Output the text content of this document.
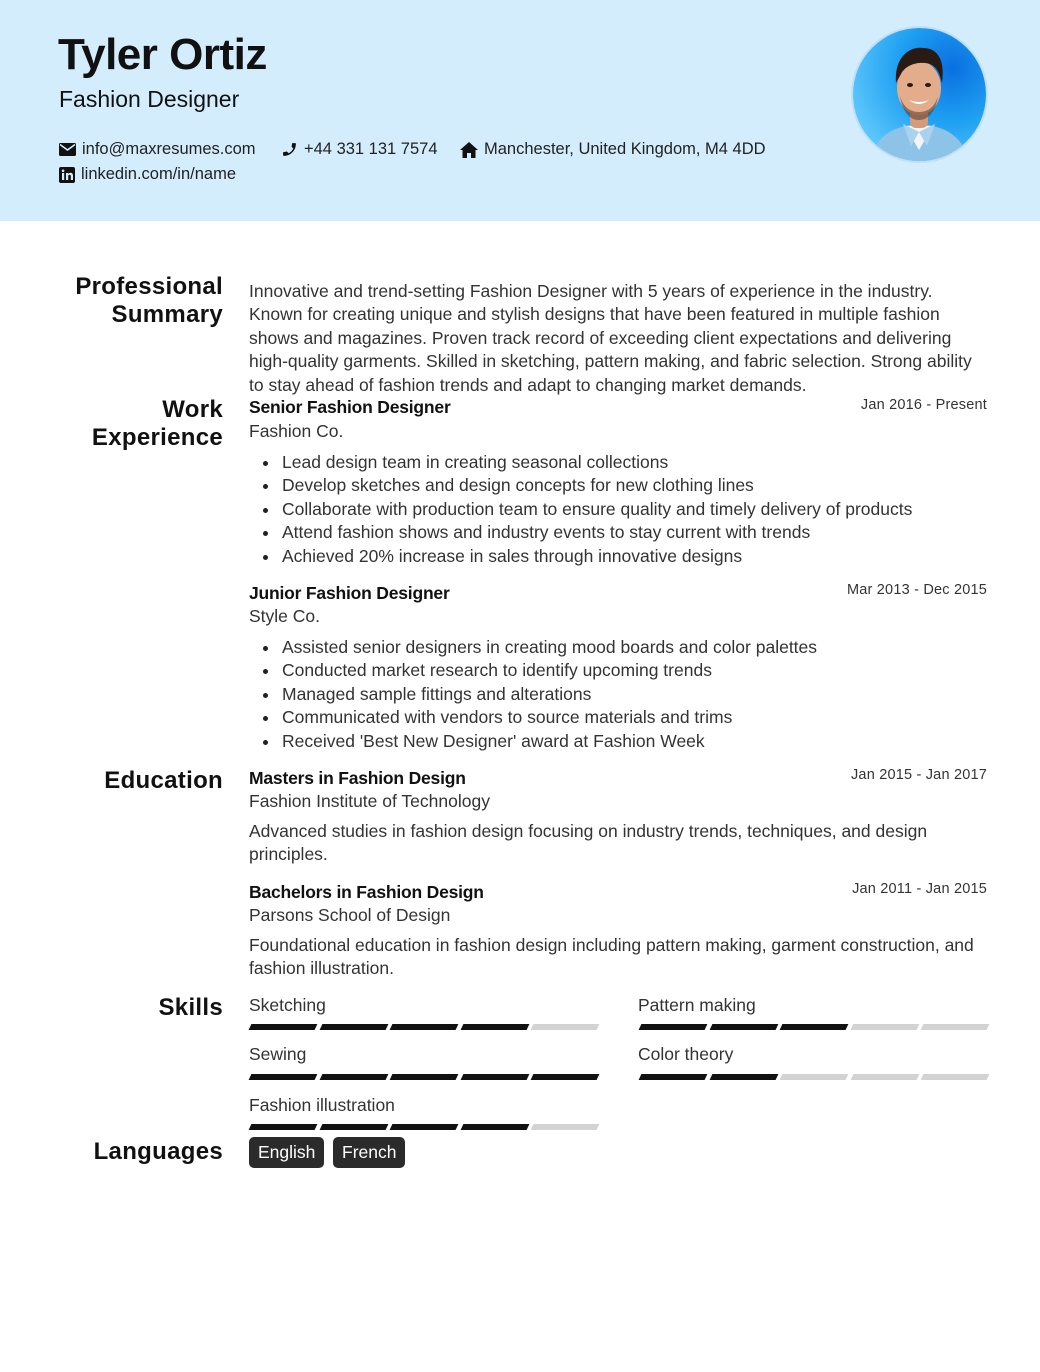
Tyler Ortiz
Fashion Designer
info@maxresumes.com	+44 331 131 7574	Manchester, United Kingdom, M4 4DD
linkedin.com/in/name
Professional Summary
Innovative and trend-setting Fashion Designer with 5 years of experience in the industry. Known for creating unique and stylish designs that have been featured in multiple fashion shows and magazines. Proven track record of exceeding client expectations and delivering high-quality garments. Skilled in sketching, pattern making, and fabric selection. Strong ability to stay ahead of fashion trends and adapt to changing market demands.
Work Experience
Senior Fashion Designer	Jan 2016 - Present
Fashion Co.
Lead design team in creating seasonal collections
Develop sketches and design concepts for new clothing lines
Collaborate with production team to ensure quality and timely delivery of products
Attend fashion shows and industry events to stay current with trends
Achieved 20% increase in sales through innovative designs
Junior Fashion Designer	Mar 2013 - Dec 2015
Style Co.
Assisted senior designers in creating mood boards and color palettes
Conducted market research to identify upcoming trends
Managed sample fittings and alterations
Communicated with vendors to source materials and trims
Received 'Best New Designer' award at Fashion Week
Education Masters in Fashion Design	Jan 2015 - Jan 2017
Fashion Institute of Technology
Advanced studies in fashion design focusing on industry trends, techniques, and design principles.
Bachelors in Fashion Design	Jan 2011 - Jan 2015
Parsons School of Design
Foundational education in fashion design including pattern making, garment construction, and fashion illustration.
Skills Sketching	Pattern making
Sewing	Color theory
Fashion illustration
Languages	English	French
